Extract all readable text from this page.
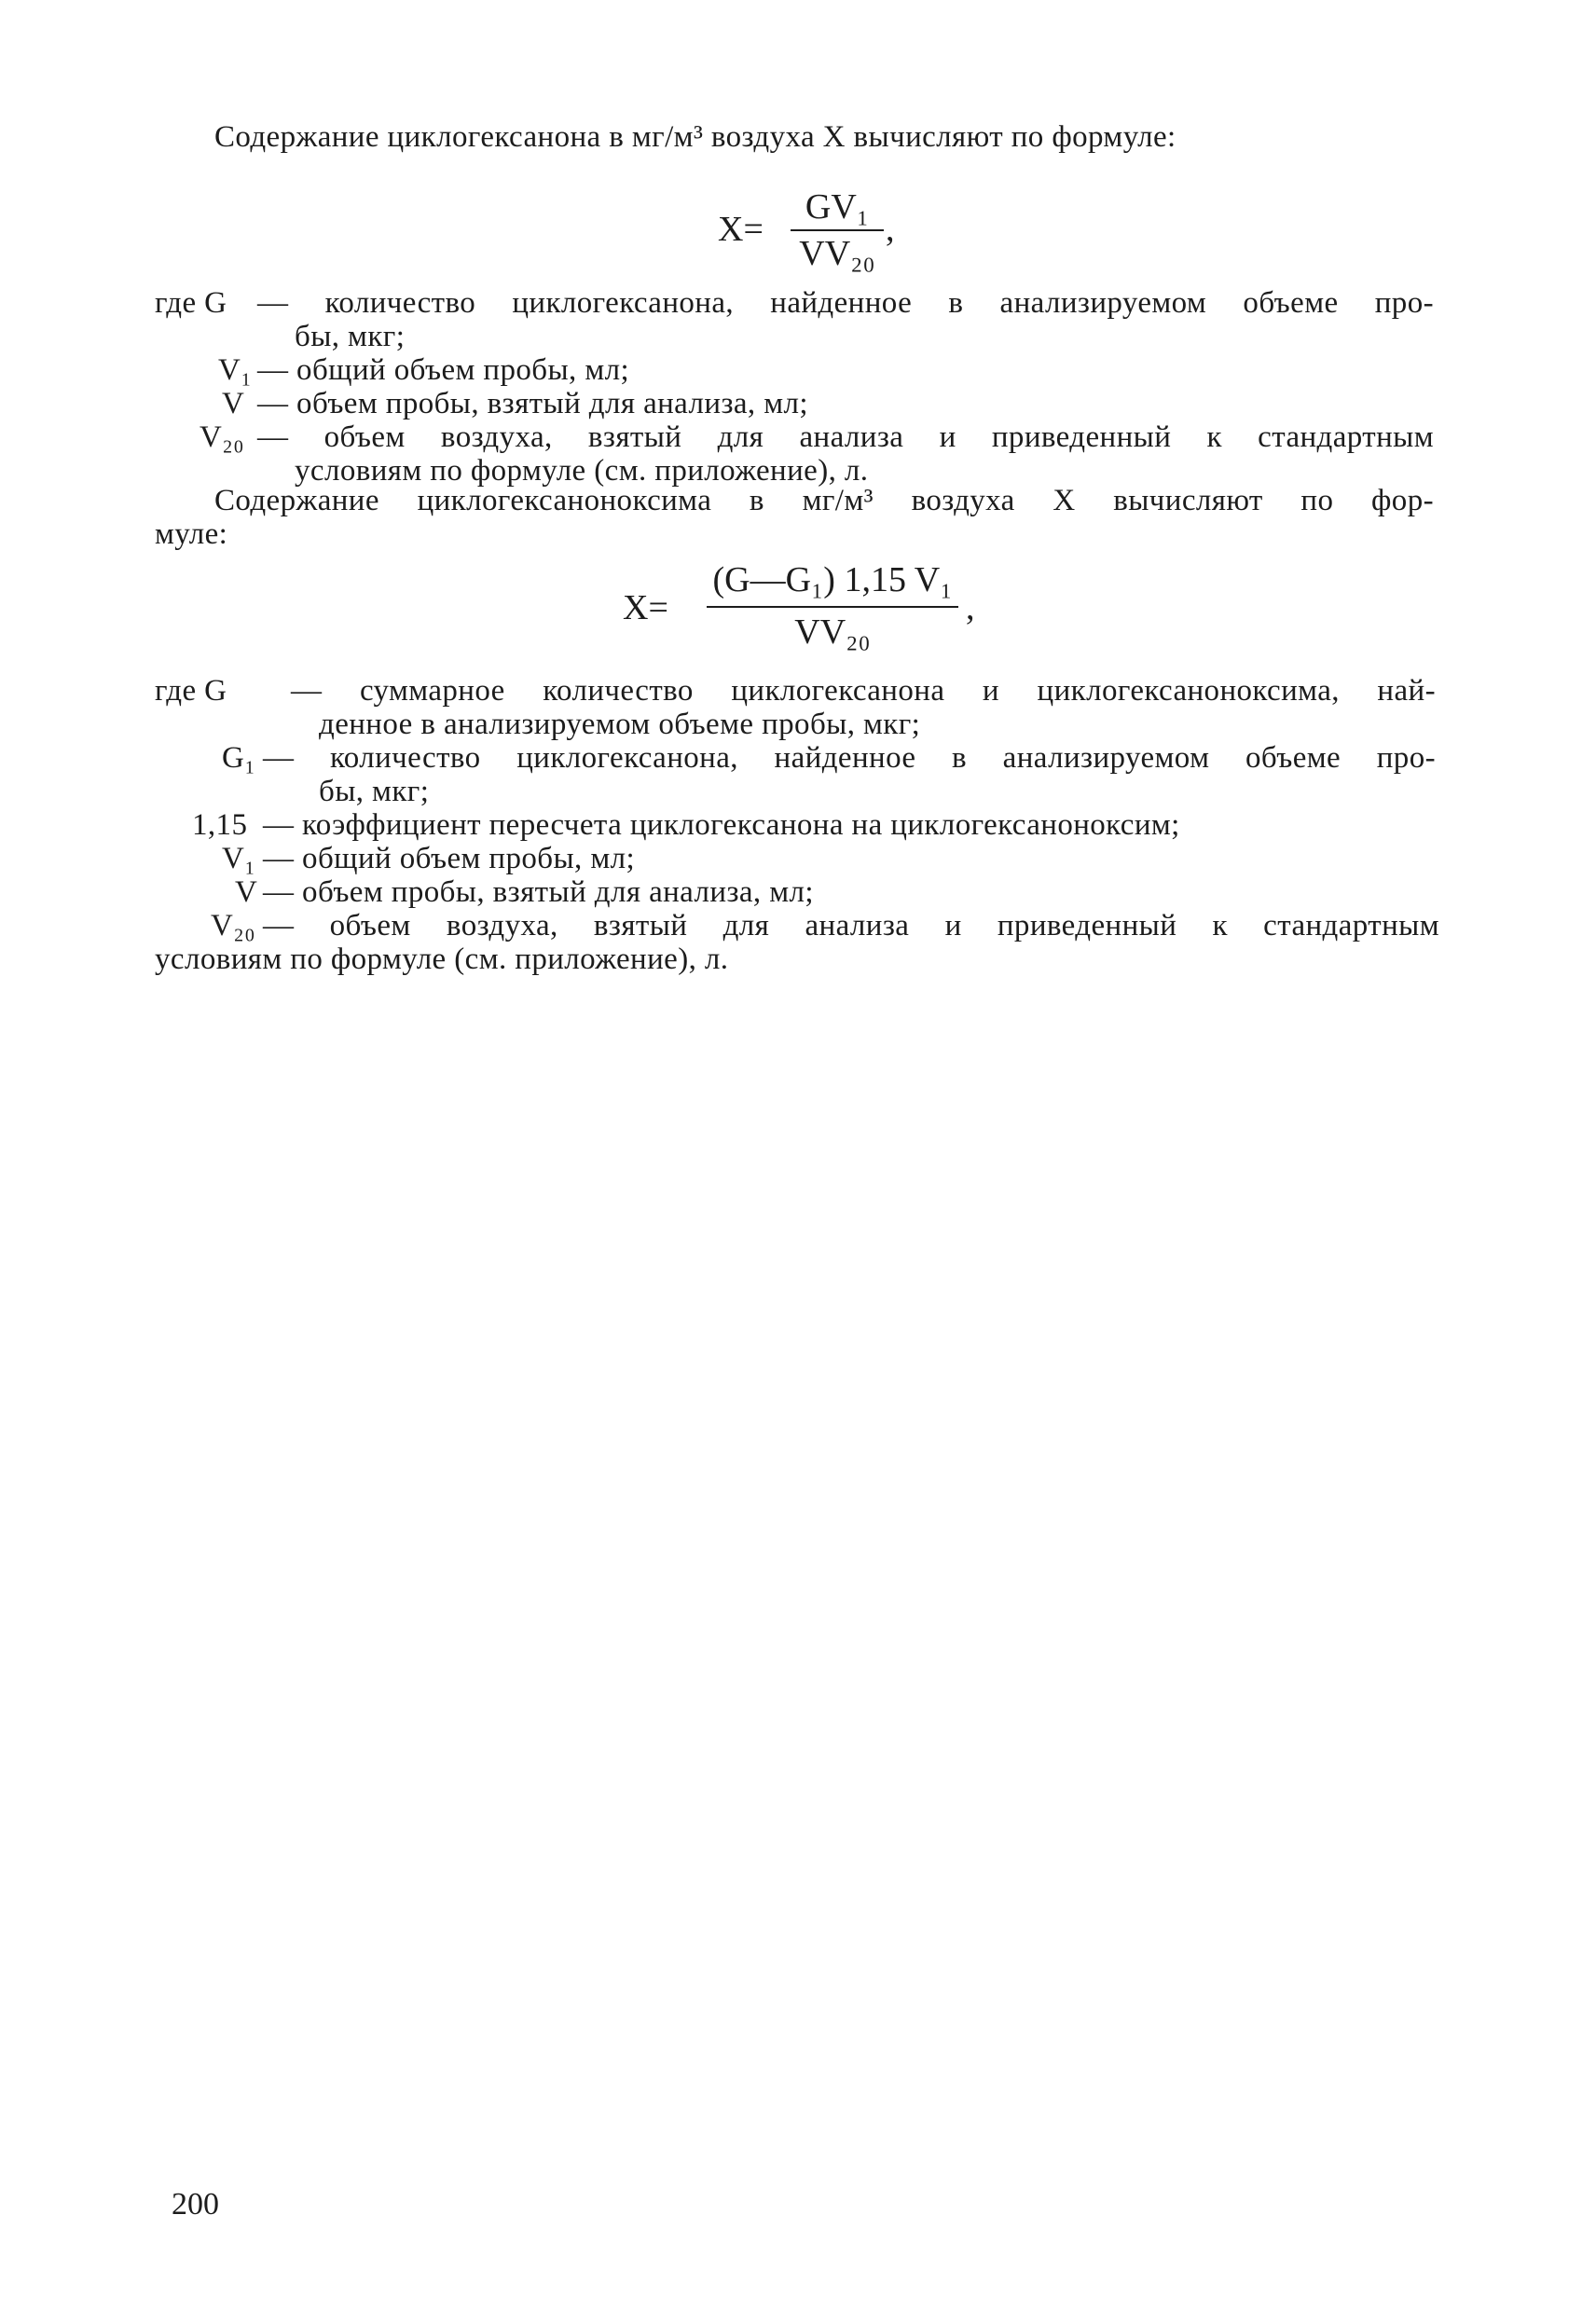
Содержание циклогексанона в мг/м³ воздуха X вычисляют по формуле:
X=
GV₁
VV₂₀
,
где G — количество циклогексанона, найденное в анализируемом объеме про-
бы, мкг;
V₁ — общий объем пробы, мл;
V — объем пробы, взятый для анализа, мл;
V₂₀ — объем воздуха, взятый для анализа и приведенный к стандартным
условиям по формуле (см. приложение), л.
Содержание циклогексаноноксима в мг/м³ воздуха X вычисляют по фор-
муле:
X=
(G—G₁) 1,15 V₁
VV₂₀
,
где G — суммарное количество циклогексанона и циклогексаноноксима, най-
денное в анализируемом объеме пробы, мкг;
G₁ — количество циклогексанона, найденное в анализируемом объеме про-
бы, мкг;
1,15 — коэффициент пересчета циклогексанона на циклогексаноноксим;
V₁ — общий объем пробы, мл;
V — объем пробы, взятый для анализа, мл;
V₂₀ — объем воздуха, взятый для анализа и приведенный к стандартным
условиям по формуле (см. приложение), л.
200
